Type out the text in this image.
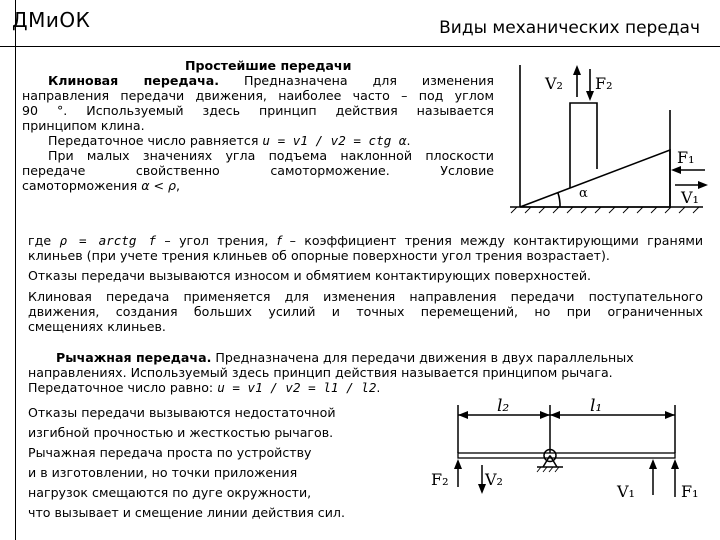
ДМиОК	Виды механических передач
Простейшие передачи
Клиновая передача. Предназначена для изменения
направления передачи движения, наиболее часто – под углом
90 °. Используемый здесь принцип действия называется
принципом клина.
Передаточное число равняется u = v1 / v2 = ctg α.
При малых значениях угла подъема наклонной плоскости
передаче свойственно самоторможение. Условие
самоторможения α < ρ,
V₂ F₂
F₁
V₁
α
где ρ = arctg f – угол трения, f – коэффициент трения между контактирующими гранями
клиньев (при учете трения клиньев об опорные поверхности угол трения возрастает).
Отказы передачи вызываются износом и обмятием контактирующих поверхностей.
Клиновая передача применяется для изменения направления передачи поступательного
движения, создания больших усилий и точных перемещений, но при ограниченных
смещениях клиньев.
Рычажная передача. Предназначена для передачи движения в двух параллельных
направлениях. Используемый здесь принцип действия называется принципом рычага.
Передаточное число равно: u = v1 / v2 = l1 / l2.
Отказы передачи вызываются недостаточной
изгибной прочностью и жесткостью рычагов.
Рычажная передача проста по устройству
и в изготовлении, но точки приложения
нагрузок смещаются по дуге окружности,
что вызывает и смещение линии действия сил.
l₂	l₁
F₂ V₂
V₁	F₁
